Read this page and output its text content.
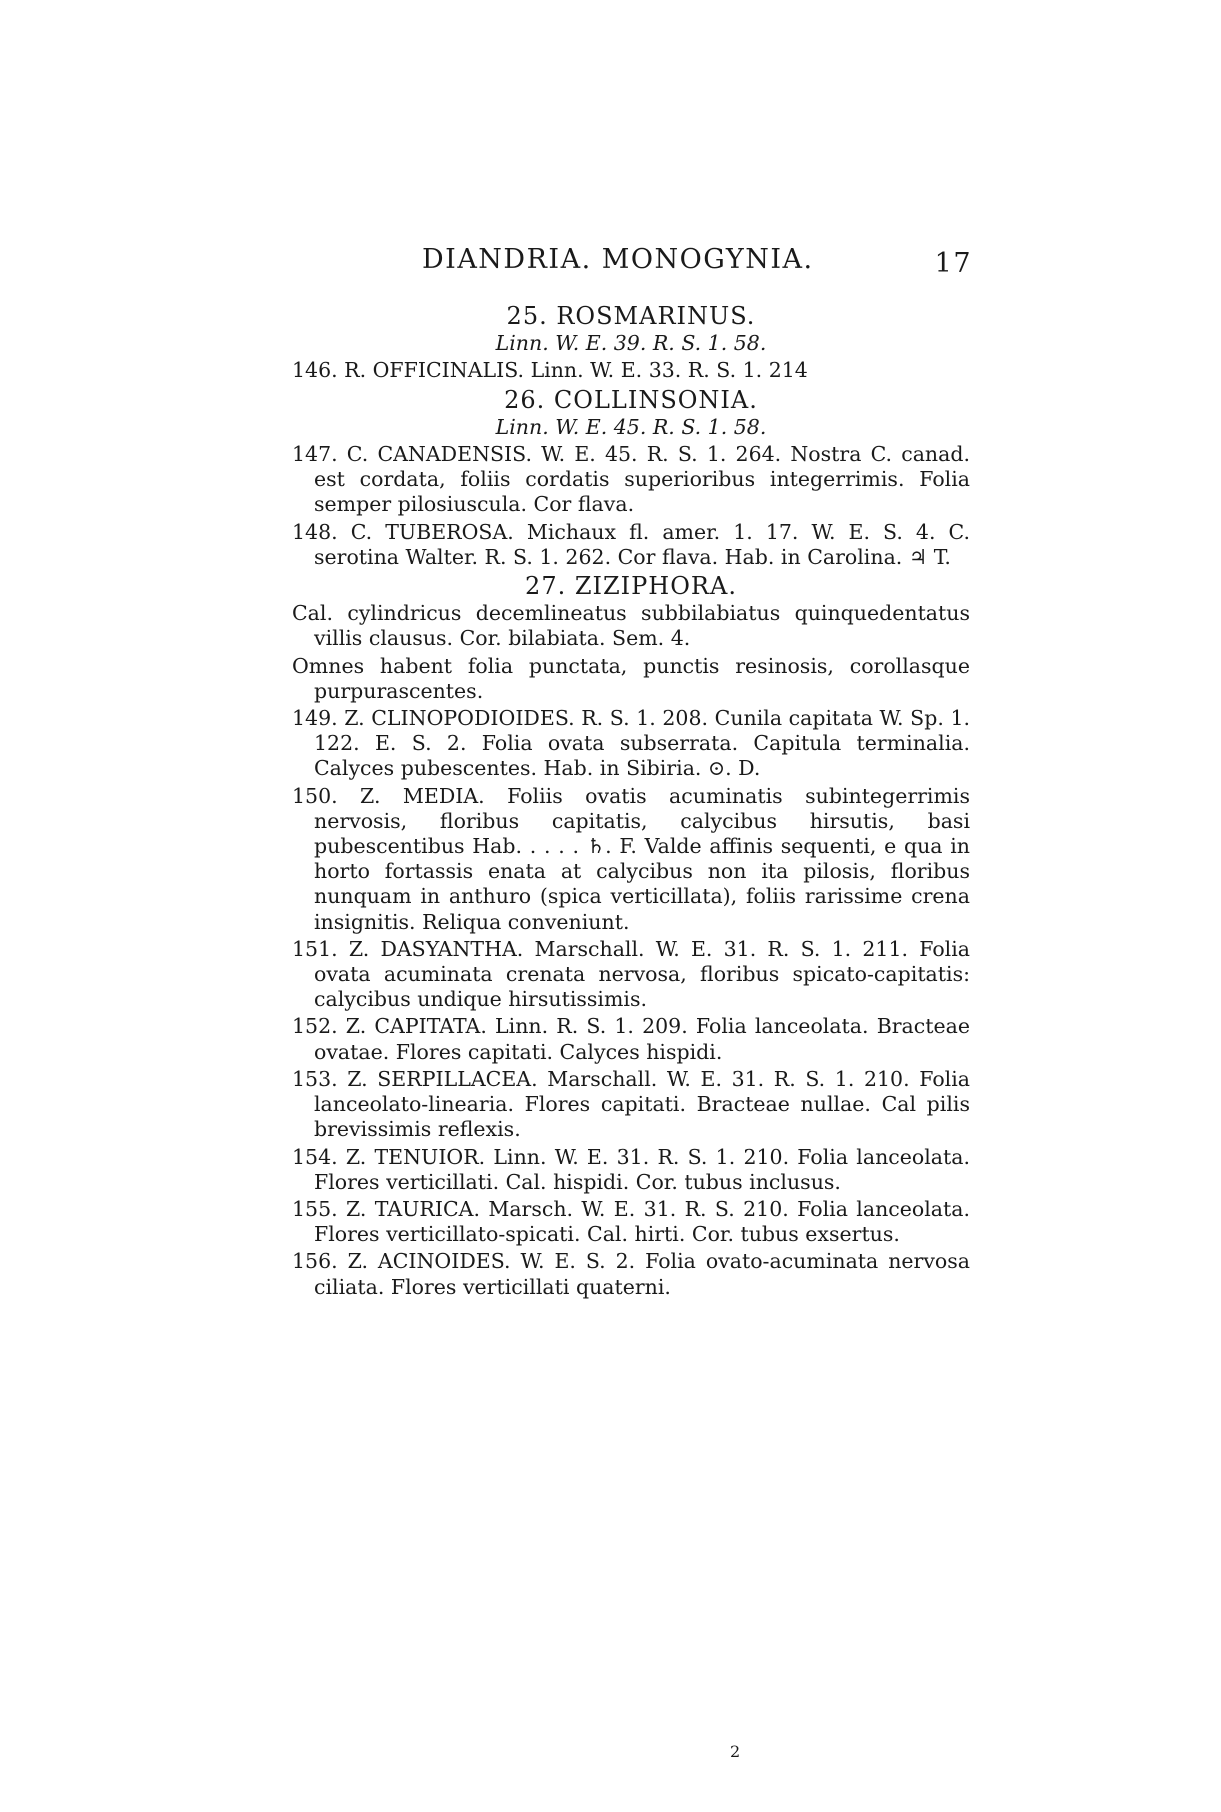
DIANDRIA. MONOGYNIA.	17

25. ROSMARINUS.

Linn. W. E. 39. R. S. 1. 58.

146. R. OFFICINALIS. Linn. W. E. 33. R. S. 1. 214

26. COLLINSONIA.

Linn. W. E. 45. R. S. 1. 58.

147. C. CANADENSIS. W. E. 45. R. S. 1. 264. Nostra C. canad. est cordata, foliis cordatis superioribus integerrimis. Folia semper pilosiuscula. Cor flava.

148. C. TUBEROSA. Michaux fl. amer. 1. 17. W. E. S. 4. C. serotina Walter. R. S. 1. 262. Cor flava. Hab. in Carolina. ♃ T.

27. ZIZIPHORA.

Cal. cylindricus decemlineatus subbilabiatus quinquedentatus villis clausus. Cor. bilabiata. Sem. 4.

Omnes habent folia punctata, punctis resinosis, corollasque purpurascentes.

149. Z. CLINOPODIOIDES. R. S. 1. 208. Cunila capitata W. Sp. 1. 122. E. S. 2. Folia ovata subserrata. Capitula terminalia. Calyces pubescentes. Hab. in Sibiria. ⊙. D.

150. Z. MEDIA. Foliis ovatis acuminatis subintegerrimis nervosis, floribus capitatis, calycibus hirsutis, basi pubescentibus Hab. . . . . ♄. F. Valde affinis sequenti, e qua in horto fortassis enata at calycibus non ita pilosis, floribus nunquam in anthuro (spica verticillata), foliis rarissime crena insignitis. Reliqua conveniunt.

151. Z. DASYANTHA. Marschall. W. E. 31. R. S. 1. 211. Folia ovata acuminata crenata nervosa, floribus spicato-capitatis: calycibus undique hirsutissimis.

152. Z. CAPITATA. Linn. R. S. 1. 209. Folia lanceolata. Bracteae ovatae. Flores capitati. Calyces hispidi.

153. Z. SERPILLACEA. Marschall. W. E. 31. R. S. 1. 210. Folia lanceolato-linearia. Flores capitati. Bracteae nullae. Cal pilis brevissimis reflexis.

154. Z. TENUIOR. Linn. W. E. 31. R. S. 1. 210. Folia lanceolata. Flores verticillati. Cal. hispidi. Cor. tubus inclusus.

155. Z. TAURICA. Marsch. W. E. 31. R. S. 210. Folia lanceolata. Flores verticillato-spicati. Cal. hirti. Cor. tubus exsertus.

156. Z. ACINOIDES. W. E. S. 2. Folia ovato-acuminata nervosa ciliata. Flores verticillati quaterni.

2
